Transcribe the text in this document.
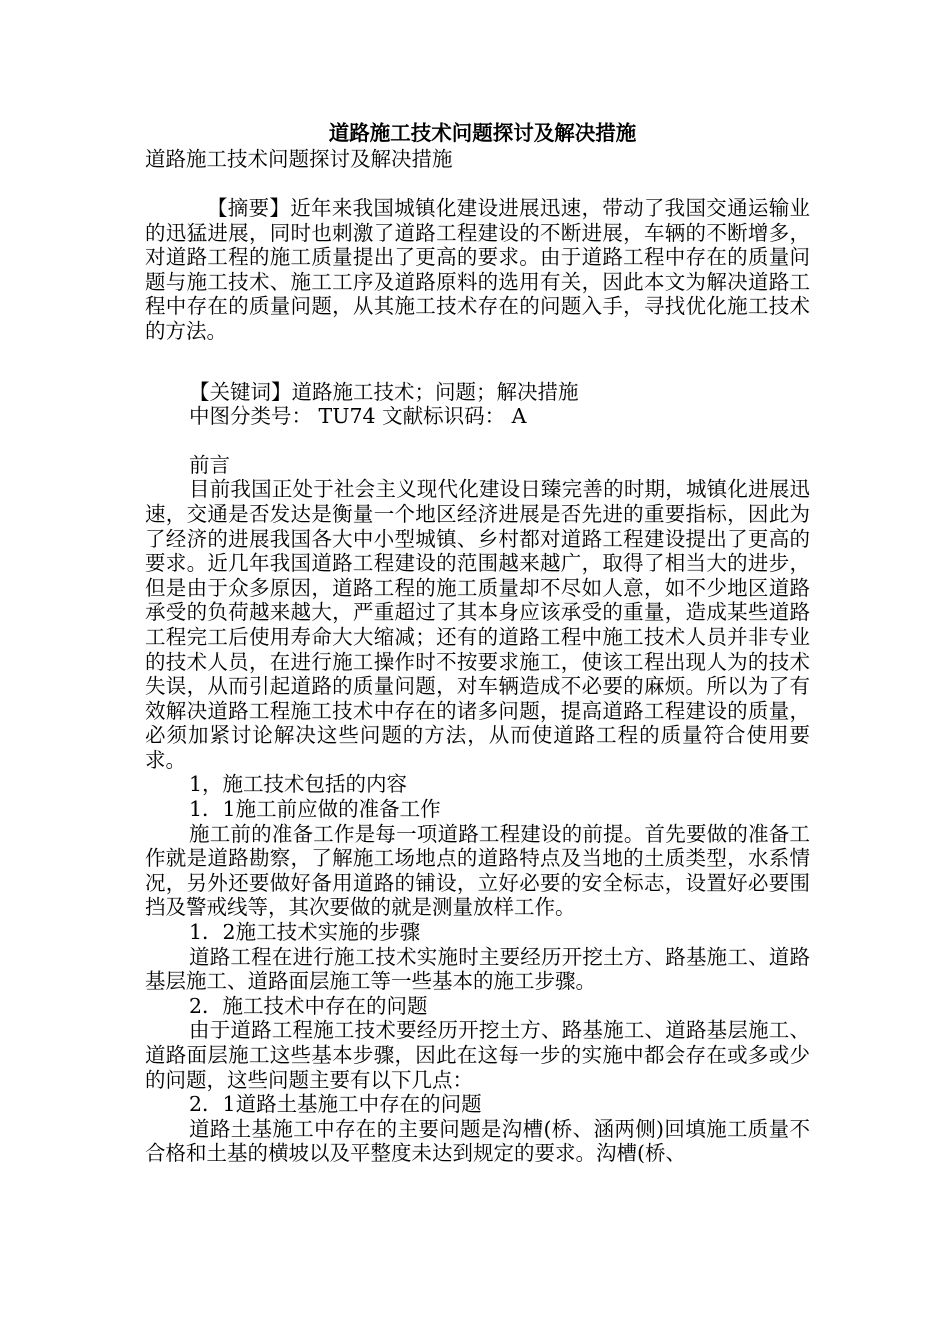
道路施工技术问题探讨及解决措施

道路施工技术问题探讨及解决措施

【摘要】近年来我国城镇化建设进展迅速，带动了我国交通运输业的迅猛进展，同时也刺激了道路工程建设的不断进展，车辆的不断增多，对道路工程的施工质量提出了更高的要求。由于道路工程中存在的质量问题与施工技术、施工工序及道路原料的选用有关，因此本文为解决道路工程中存在的质量问题，从其施工技术存在的问题入手，寻找优化施工技术的方法。

【关键词】道路施工技术；问题；解决措施

中图分类号： TU74 文献标识码： A

前言

目前我国正处于社会主义现代化建设日臻完善的时期，城镇化进展迅速，交通是否发达是衡量一个地区经济进展是否先进的重要指标，因此为了经济的进展我国各大中小型城镇、乡村都对道路工程建设提出了更高的要求。近几年我国道路工程建设的范围越来越广，取得了相当大的进步，但是由于众多原因，道路工程的施工质量却不尽如人意，如不少地区道路承受的负荷越来越大，严重超过了其本身应该承受的重量，造成某些道路工程完工后使用寿命大大缩减；还有的道路工程中施工技术人员并非专业的技术人员，在进行施工操作时不按要求施工，使该工程出现人为的技术失误，从而引起道路的质量问题，对车辆造成不必要的麻烦。所以为了有效解决道路工程施工技术中存在的诸多问题，提高道路工程建设的质量，必须加紧讨论解决这些问题的方法，从而使道路工程的质量符合使用要求。

1，施工技术包括的内容

1．1施工前应做的准备工作

施工前的准备工作是每一项道路工程建设的前提。首先要做的准备工作就是道路勘察，了解施工场地点的道路特点及当地的土质类型，水系情况，另外还要做好备用道路的铺设，立好必要的安全标志，设置好必要围挡及警戒线等，其次要做的就是测量放样工作。

1．2施工技术实施的步骤

道路工程在进行施工技术实施时主要经历开挖土方、路基施工、道路基层施工、道路面层施工等一些基本的施工步骤。

2．施工技术中存在的问题

由于道路工程施工技术要经历开挖土方、路基施工、道路基层施工、道路面层施工这些基本步骤，因此在这每一步的实施中都会存在或多或少的问题，这些问题主要有以下几点：

2．1道路土基施工中存在的问题

道路土基施工中存在的主要问题是沟槽(桥、涵两侧)回填施工质量不合格和土基的横坡以及平整度未达到规定的要求。沟槽(桥、
